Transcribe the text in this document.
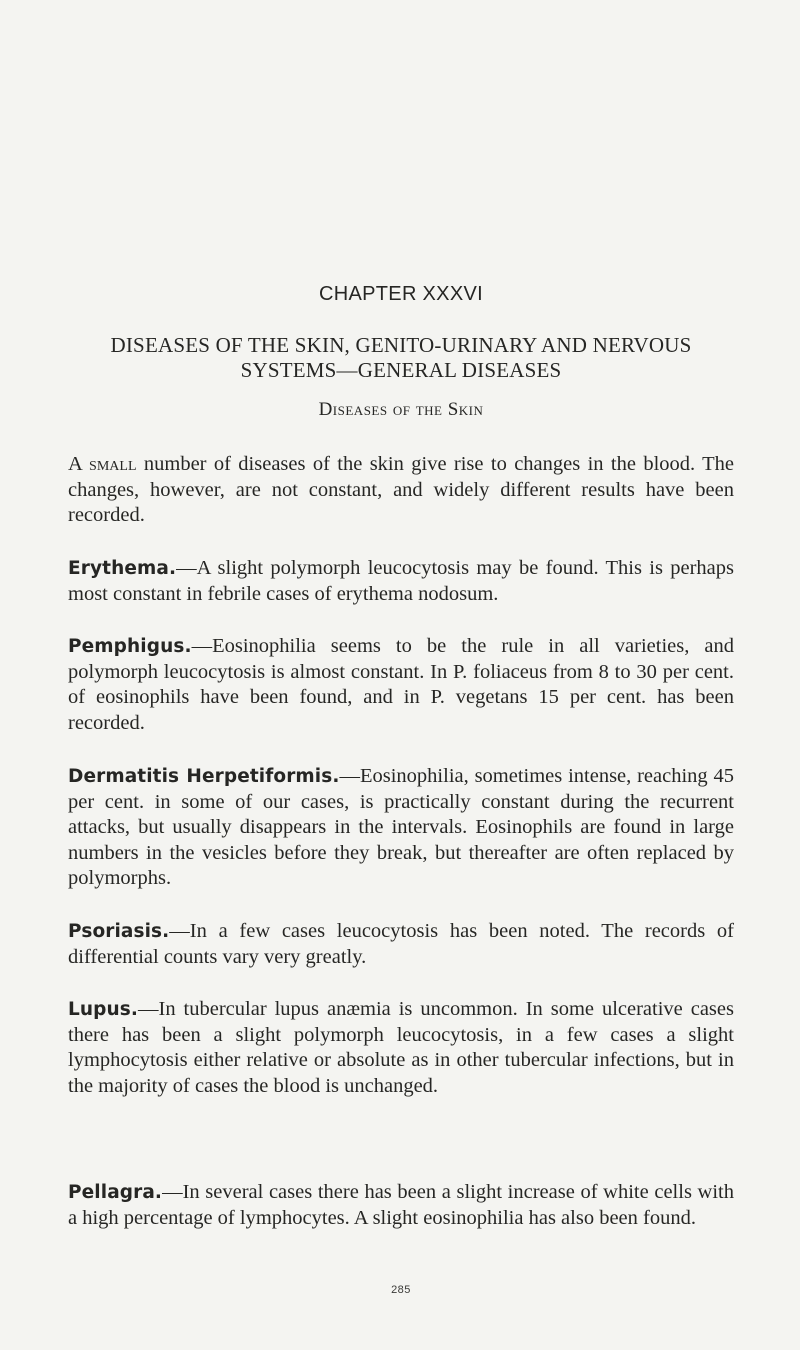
CHAPTER XXXVI
DISEASES OF THE SKIN, GENITO-URINARY AND NERVOUS
SYSTEMS—GENERAL DISEASES
Diseases of the Skin

A small number of diseases of the skin give rise to changes in the blood. The changes, however, are not constant, and widely different results have been recorded.

Erythema.—A slight polymorph leucocytosis may be found. This is perhaps most constant in febrile cases of erythema nodosum.

Pemphigus.—Eosinophilia seems to be the rule in all varieties, and polymorph leucocytosis is almost constant. In P. foliaceus from 8 to 30 per cent. of eosinophils have been found, and in P. vegetans 15 per cent. has been recorded.

Dermatitis Herpetiformis.—Eosinophilia, sometimes intense, reaching 45 per cent. in some of our cases, is practically constant during the recurrent attacks, but usually disappears in the intervals. Eosinophils are found in large numbers in the vesicles before they break, but thereafter are often replaced by polymorphs.

Psoriasis.—In a few cases leucocytosis has been noted. The records of differential counts vary very greatly.

Lupus.—In tubercular lupus anæmia is uncommon. In some ulcerative cases there has been a slight polymorph leucocytosis, in a few cases a slight lymphocytosis either relative or absolute as in other tubercular infections, but in the majority of cases the blood is unchanged.

Pellagra.—In several cases there has been a slight increase of white cells with a high percentage of lymphocytes. A slight eosinophilia has also been found.

285
